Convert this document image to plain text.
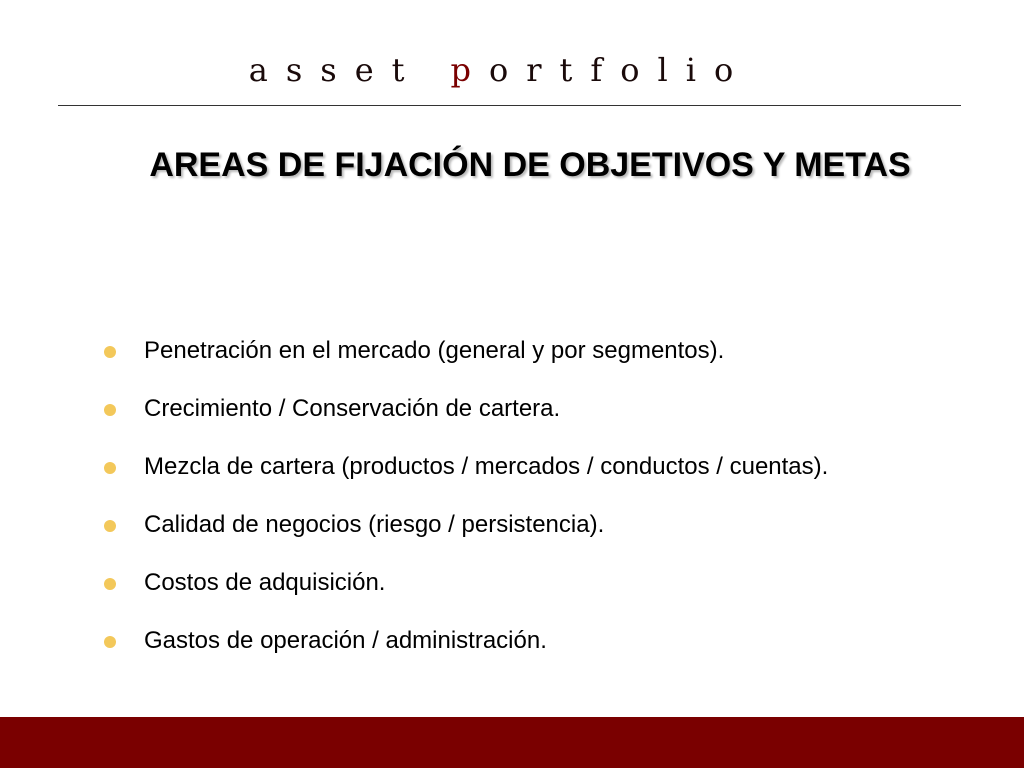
asset portfolio
AREAS DE FIJACIÓN DE OBJETIVOS Y METAS
Penetración en el mercado (general y por segmentos).
Crecimiento / Conservación de cartera.
Mezcla de cartera (productos / mercados / conductos / cuentas).
Calidad de negocios (riesgo / persistencia).
Costos de adquisición.
Gastos de operación / administración.
